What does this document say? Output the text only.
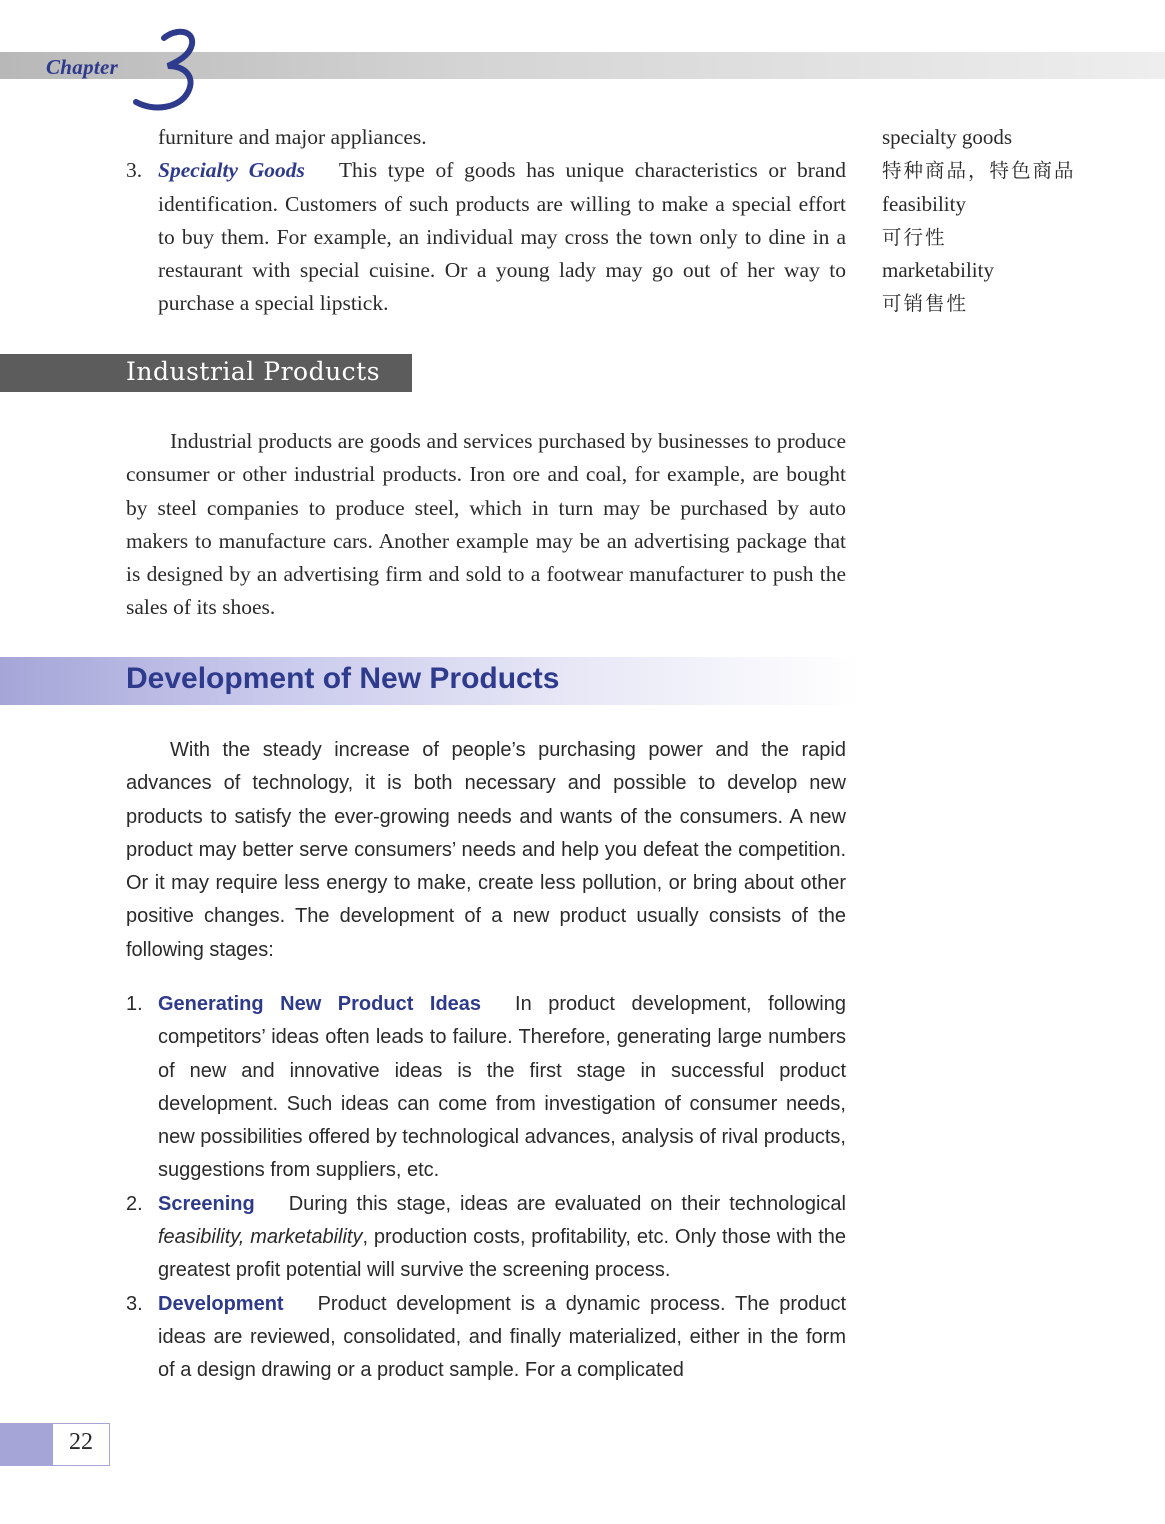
Chapter
furniture and major appliances.
3. Specialty Goods This type of goods has unique characteristics or brand identification. Customers of such products are willing to make a special effort to buy them. For example, an individual may cross the town only to dine in a restaurant with special cuisine. Or a young lady may go out of her way to purchase a special lipstick.
Industrial Products
Industrial products are goods and services purchased by businesses to produce consumer or other industrial products. Iron ore and coal, for example, are bought by steel companies to produce steel, which in turn may be purchased by auto makers to manufacture cars. Another example may be an advertising package that is designed by an advertising firm and sold to a footwear manufacturer to push the sales of its shoes.
Development of New Products
With the steady increase of people’s purchasing power and the rapid advances of technology, it is both necessary and possible to develop new products to satisfy the ever-growing needs and wants of the consumers. A new product may better serve consumers’ needs and help you defeat the competition. Or it may require less energy to make, create less pollution, or bring about other positive changes. The development of a new product usually consists of the following stages:
1. Generating New Product Ideas In product development, following competitors’ ideas often leads to failure. Therefore, generating large numbers of new and innovative ideas is the first stage in successful product development. Such ideas can come from investigation of consumer needs, new possibilities offered by technological advances, analysis of rival products, suggestions from suppliers, etc.
2. Screening During this stage, ideas are evaluated on their technological feasibility, marketability, production costs, profitability, etc. Only those with the greatest profit potential will survive the screening process.
3. Development Product development is a dynamic process. The product ideas are reviewed, consolidated, and finally materialized, either in the form of a design drawing or a product sample. For a complicated
specialty goods
特种商品，特色商品
feasibility
可行性
marketability
可销售性
22
